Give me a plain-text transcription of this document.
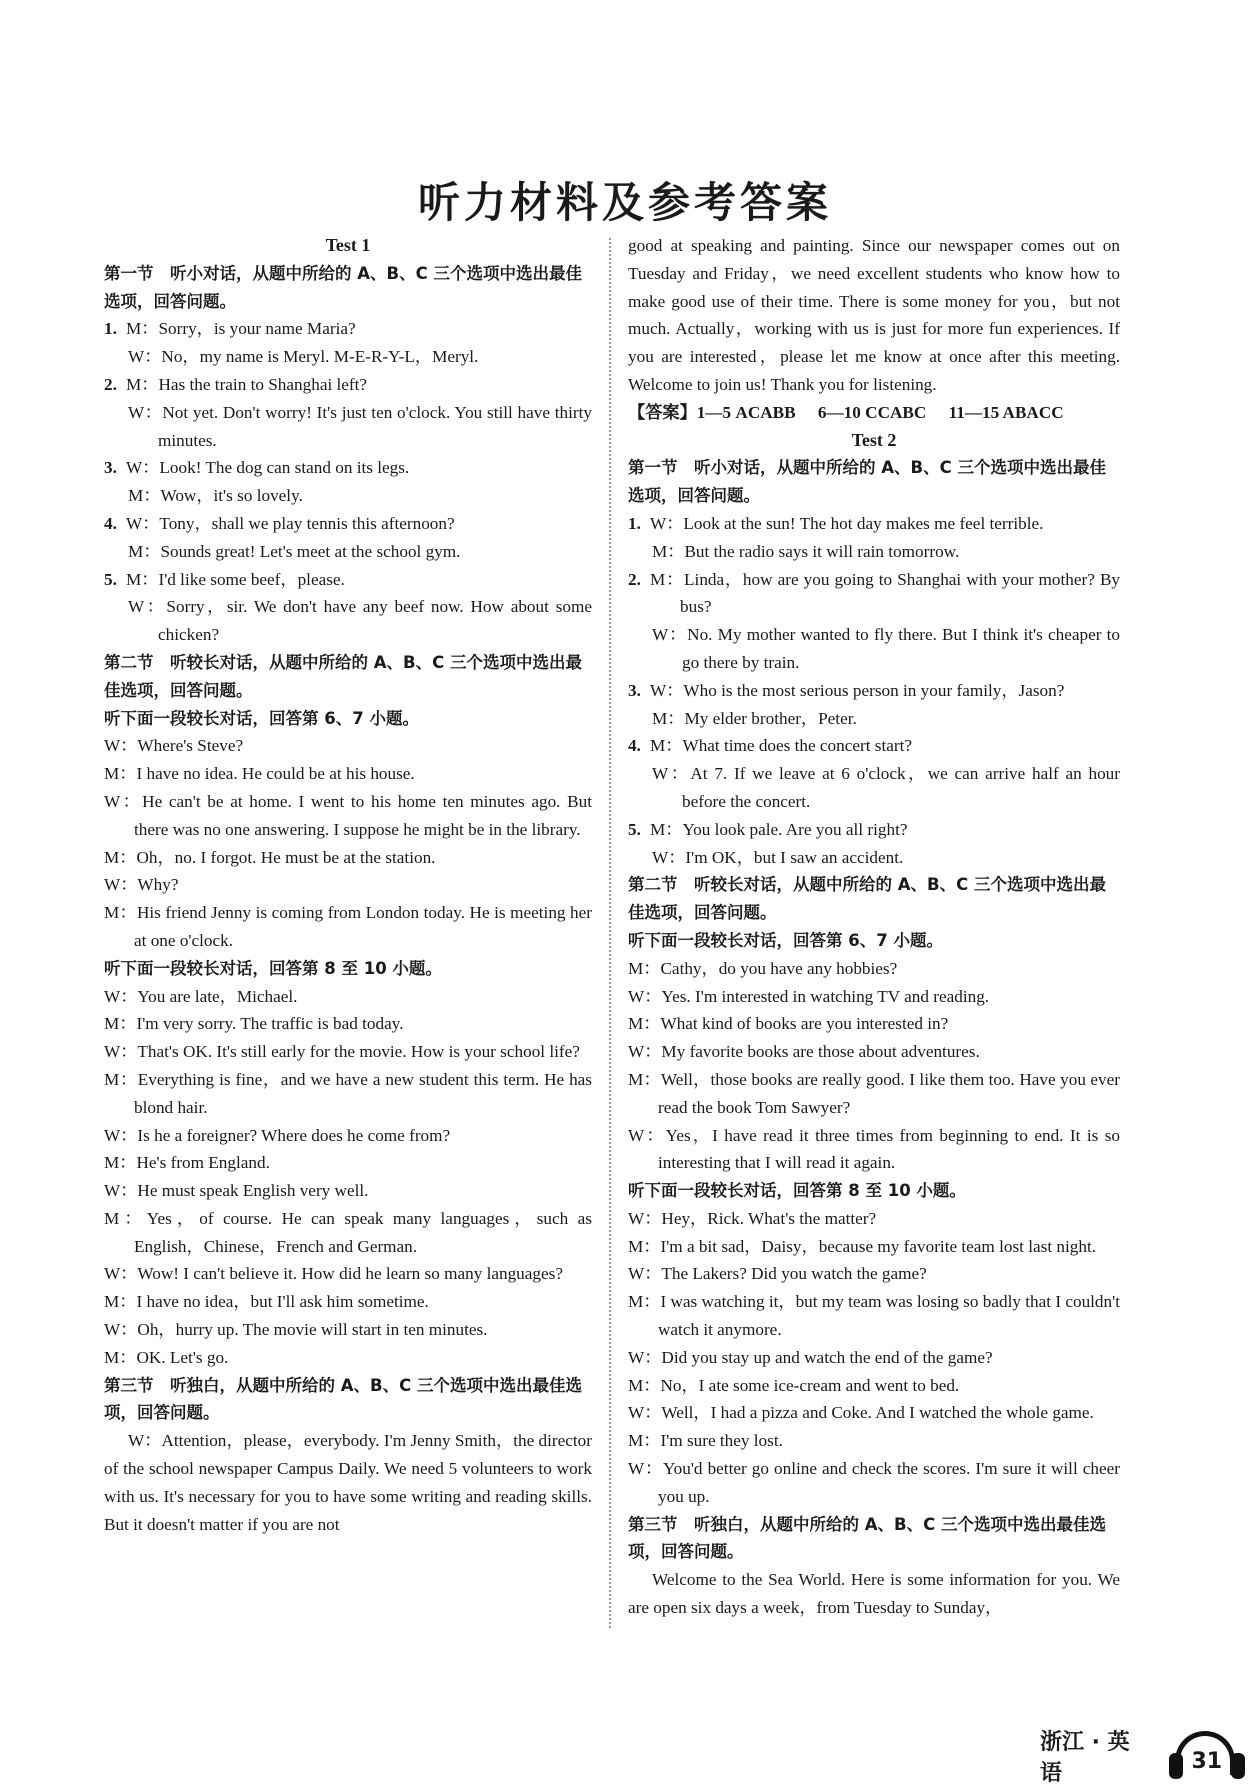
听力材料及参考答案
Test 1
第一节　听小对话，从题中所给的 A、B、C 三个选项中选出最佳选项，回答问题。
1. M：Sorry，is your name Maria?
W：No，my name is Meryl. M-E-R-Y-L，Meryl.
2. M：Has the train to Shanghai left?
W：Not yet. Don't worry! It's just ten o'clock. You still have thirty minutes.
3. W：Look! The dog can stand on its legs.
M：Wow，it's so lovely.
4. W：Tony，shall we play tennis this afternoon?
M：Sounds great! Let's meet at the school gym.
5. M：I'd like some beef，please.
W：Sorry，sir. We don't have any beef now. How about some chicken?
第二节　听较长对话，从题中所给的 A、B、C 三个选项中选出最佳选项，回答问题。
听下面一段较长对话，回答第 6、7 小题。
W：Where's Steve?
M：I have no idea. He could be at his house.
W：He can't be at home. I went to his home ten minutes ago. But there was no one answering. I suppose he might be in the library.
M：Oh，no. I forgot. He must be at the station.
W：Why?
M：His friend Jenny is coming from London today. He is meeting her at one o'clock.
听下面一段较长对话，回答第 8 至 10 小题。
W：You are late，Michael.
M：I'm very sorry. The traffic is bad today.
W：That's OK. It's still early for the movie. How is your school life?
M：Everything is fine，and we have a new student this term. He has blond hair.
W：Is he a foreigner? Where does he come from?
M：He's from England.
W：He must speak English very well.
M：Yes，of course. He can speak many languages，such as English，Chinese，French and German.
W：Wow! I can't believe it. How did he learn so many languages?
M：I have no idea，but I'll ask him sometime.
W：Oh，hurry up. The movie will start in ten minutes.
M：OK. Let's go.
第三节　听独白，从题中所给的 A、B、C 三个选项中选出最佳选项，回答问题。
W：Attention，please，everybody. I'm Jenny Smith，the director of the school newspaper Campus Daily. We need 5 volunteers to work with us. It's necessary for you to have some writing and reading skills. But it doesn't matter if you are not
good at speaking and painting. Since our newspaper comes out on Tuesday and Friday，we need excellent students who know how to make good use of their time. There is some money for you，but not much. Actually，working with us is just for more fun experiences. If you are interested，please let me know at once after this meeting. Welcome to join us! Thank you for listening.
【答案】1—5 ACABB 6—10 CCABC 11—15 ABACC
Test 2
第一节　听小对话，从题中所给的 A、B、C 三个选项中选出最佳选项，回答问题。
1. W：Look at the sun! The hot day makes me feel terrible.
M：But the radio says it will rain tomorrow.
2. M：Linda，how are you going to Shanghai with your mother? By bus?
W：No. My mother wanted to fly there. But I think it's cheaper to go there by train.
3. W：Who is the most serious person in your family，Jason?
M：My elder brother，Peter.
4. M：What time does the concert start?
W：At 7. If we leave at 6 o'clock，we can arrive half an hour before the concert.
5. M：You look pale. Are you all right?
W：I'm OK，but I saw an accident.
第二节　听较长对话，从题中所给的 A、B、C 三个选项中选出最佳选项，回答问题。
听下面一段较长对话，回答第 6、7 小题。
M：Cathy，do you have any hobbies?
W：Yes. I'm interested in watching TV and reading.
M：What kind of books are you interested in?
W：My favorite books are those about adventures.
M：Well，those books are really good. I like them too. Have you ever read the book Tom Sawyer?
W：Yes，I have read it three times from beginning to end. It is so interesting that I will read it again.
听下面一段较长对话，回答第 8 至 10 小题。
W：Hey，Rick. What's the matter?
M：I'm a bit sad，Daisy，because my favorite team lost last night.
W：The Lakers? Did you watch the game?
M：I was watching it，but my team was losing so badly that I couldn't watch it anymore.
W：Did you stay up and watch the end of the game?
M：No，I ate some ice-cream and went to bed.
W：Well，I had a pizza and Coke. And I watched the whole game.
M：I'm sure they lost.
W：You'd better go online and check the scores. I'm sure it will cheer you up.
第三节　听独白，从题中所给的 A、B、C 三个选项中选出最佳选项，回答问题。
Welcome to the Sea World. Here is some information for you. We are open six days a week，from Tuesday to Sunday，
浙江 · 英语	31
